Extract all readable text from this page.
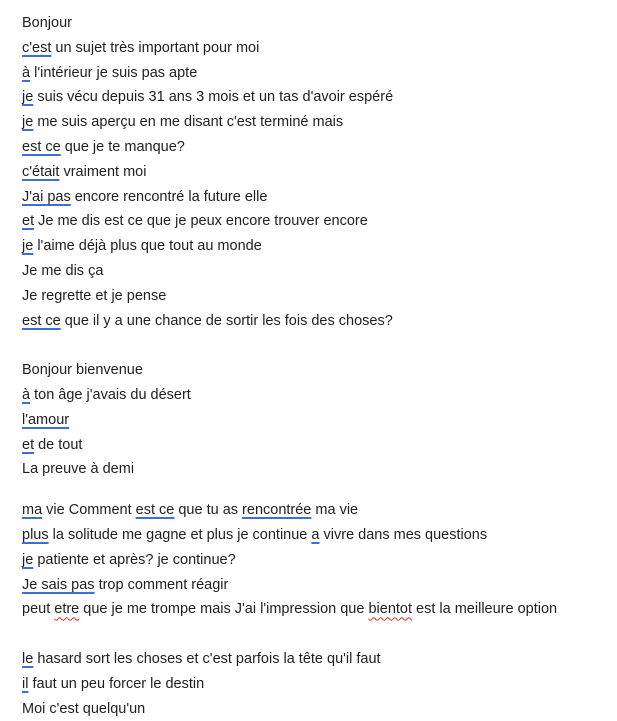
Bonjour
c'est un sujet très important pour moi
à l'intérieur je suis pas apte
je suis vécu depuis 31 ans 3 mois et un tas d'avoir espéré
je me suis aperçu en me disant c'est terminé mais
est ce que je te manque?
c'était vraiment moi
J'ai pas encore rencontré la future elle
et Je me dis est ce que je peux encore trouver encore
je l'aime déjà plus que tout au monde
Je me dis ça
Je regrette et je pense
est ce que il y a une chance de sortir les fois des choses?
Bonjour bienvenue
à ton âge j'avais du désert
l'amour
et de tout
La preuve à demi
ma vie Comment est ce que tu as rencontrée ma vie
plus la solitude me gagne et plus je continue a vivre dans mes questions
je patiente et après? je continue?
Je sais pas trop comment réagir
peut etre que je me trompe mais J'ai l'impression que bientot est la meilleure option
le hasard sort les choses et c'est parfois la tête qu'il faut
il faut un peu forcer le destin
Moi c'est quelqu'un
